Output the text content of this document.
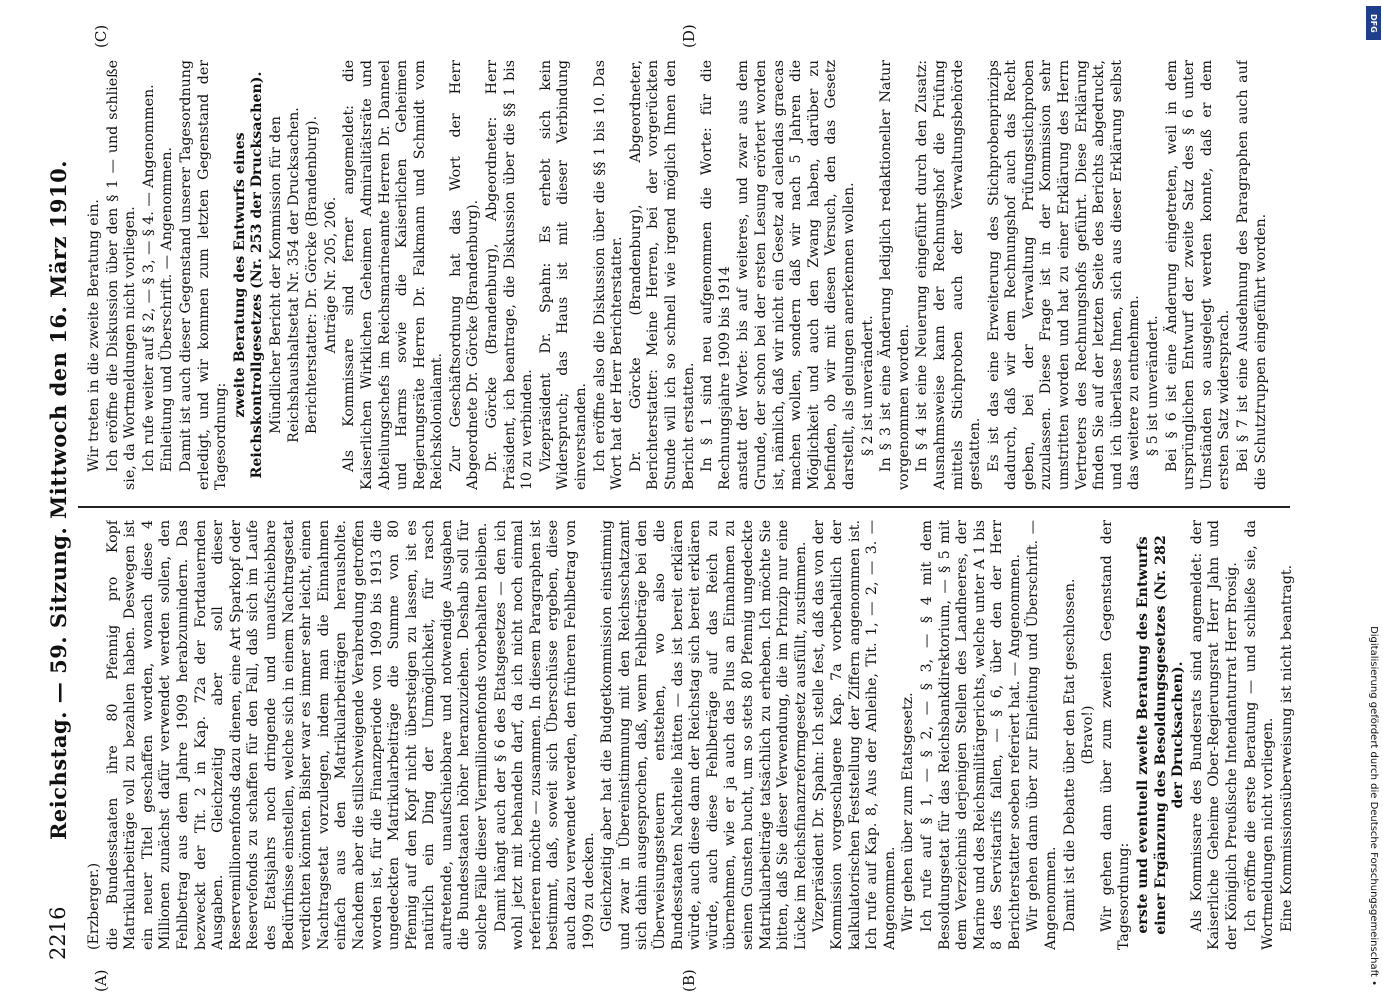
2216
Reichstag. — 59. Sitzung. Mittwoch den 16. März 1910.
(A)	(B)
(C)	(D)

(Erzberger.) die Bundesstaaten ihre 80 Pfennig pro Kopf Matrikularbeiträge voll zu bezahlen haben. Deswegen ist ein neuer Titel geschaffen worden, wonach diese 4 Millionen zunächst dafür verwendet werden sollen, den Fehlbetrag aus dem Jahre 1909 herabzumindern. Das bezweckt der Tit. 2 in Kap. 72a der Fortdauernden Ausgaben. Gleichzeitig aber soll dieser Reservemillionenfonds dazu dienen, eine Art Sparkopf oder Reservefonds zu schaffen für den Fall, daß sich im Laufe des Etatsjahrs noch dringende und unaufschiebbare Bedürfnisse einstellen, welche sich in einem Nachtragsetat verdichten könnten. Bisher war es immer sehr leicht, einen Nachtragsetat vorzulegen, indem man die Einnahmen einfach aus den Matrikularbeiträgen herausholte. Nachdem aber die stillschweigende Verabredung getroffen worden ist, für die Finanzperiode von 1909 bis 1913 die ungedeckten Matrikularbeiträge die Summe von 80 Pfennig auf den Kopf nicht übersteigen zu lassen, ist es natürlich ein Ding der Unmöglichkeit, für rasch auftretende, unaufschiebbare und notwendige Ausgaben die Bundesstaaten höher heranzuziehen. Deshalb soll für solche Fälle dieser Viermillionenfonds vorbehalten bleiben. Damit hängt auch der § 6 des Etatsgesetzes — den ich wohl jetzt mit behandeln darf, da ich nicht noch einmal referieren möchte — zusammen. In diesem Paragraphen ist bestimmt, daß, soweit sich Überschüsse ergeben, diese auch dazu verwendet werden, den früheren Fehlbetrag von 1909 zu decken. Gleichzeitig aber hat die Budgetkommission einstimmig und zwar in Übereinstimmung mit den Reichsschatzamt sich dahin ausgesprochen, daß, wenn Fehlbeträge bei den Überweisungssteuern entstehen, wo also die Bundesstaaten Nachteile hätten — das ist bereit erklären würde, auch diese dann der Reichstag sich bereit erklären würde, auch diese Fehlbeträge auf das Reich zu übernehmen, wie er ja auch das Plus an Einnahmen zu seinen Gunsten bucht, um so stets 80 Pfennig ungedeckte Matrikularbeiträge tatsächlich zu erheben. Ich möchte Sie bitten, daß Sie dieser Verwendung, die im Prinzip nur eine Lücke im Reichsfinanzreformgesetz ausfüllt, zustimmen. Vizepräsident Dr. Spahn: Ich stelle fest, daß das von der Kommission vorgeschlagene Kap. 7a vorbehaltlich der kalkulatorischen Feststellung der Ziffern angenommen ist. Ich rufe auf Kap. 8, Aus der Anleihe, Tit. 1, — 2, — 3. — Angenommen. Wir gehen über zum Etatsgesetz. Ich rufe auf § 1, — § 2, — § 3, — § 4 mit dem Besoldungsetat für das Reichsbankdirektorium, — § 5 mit dem Verzeichnis derjenigen Stellen des Landheeres, der Marine und des Reichsmilitärgerichts, welche unter A 1 bis 8 des Servistarifs fallen, — § 6, über den der Herr Berichterstatter soeben referiert hat. — Angenommen. Wir gehen dann über zur Einleitung und Überschrift. — Angenommen. Damit ist die Debatte über den Etat geschlossen. (Bravo!) Wir gehen dann über zum zweiten Gegenstand der Tagesordnung: erste und eventuell zweite Beratung des Entwurfs einer Ergänzung des Besoldungsgesetzes (Nr. 282 der Drucksachen). Als Kommissare des Bundesrats sind angemeldet: der Kaiserliche Geheime Ober-Regierungsrat Herr Jahn und der Königlich Preußische Intendanturrat Herr Brosig. Ich eröffne die erste Beratung — und schließe sie, da Wortmeldungen nicht vorliegen. Eine Kommissionsüberweisung ist nicht beantragt.

Wir treten in die zweite Beratung ein. Ich eröffne die Diskussion über den § 1 — und schließe sie, da Wortmeldungen nicht vorliegen. Ich rufe weiter auf § 2, — § 3, — § 4. — Angenommen. Einleitung und Überschrift. — Angenommen. Damit ist auch dieser Gegenstand unserer Tagesordnung erledigt, und wir kommen zum letzten Gegenstand der Tagesordnung:

zweite Beratung des Entwurfs eines Reichskontrollgesetzes (Nr. 253 der Drucksachen). Mündlicher Bericht der Kommission für den Reichshaushaltsetat Nr. 354 der Drucksachen. Berichterstatter: Dr. Görcke (Brandenburg). Anträge Nr. 205, 206. Als Kommissare sind ferner angemeldet: die Kaiserlichen Wirklichen Geheimen Admiralitätsräte und Abteilungschefs im Reichsmarineamte Herren Dr. Danneel und Harms sowie die Kaiserlichen Geheimen Regierungsräte Herren Dr. Falkmann und Schmidt vom Reichskolonialamt. Zur Geschäftsordnung hat das Wort der Herr Abgeordnete Dr. Görcke (Brandenburg). Dr. Görcke (Brandenburg), Abgeordneter: Herr Präsident, ich beantrage, die Diskussion über die §§ 1 bis 10 zu verbinden. Vizepräsident Dr. Spahn: Es erhebt sich kein Widerspruch; das Haus ist mit dieser Verbindung einverstanden. Ich eröffne also die Diskussion über die §§ 1 bis 10. Das Wort hat der Herr Berichterstatter. Dr. Görcke (Brandenburg), Abgeordneter, Berichterstatter: Meine Herren, bei der vorgerückten Stunde will ich so schnell wie irgend möglich Ihnen den Bericht erstatten. In § 1 sind neu aufgenommen die Worte: für die Rechnungsjahre 1909 bis 1914 anstatt der Worte: bis auf weiteres, und zwar aus dem Grunde, der schon bei der ersten Lesung erörtert worden ist, nämlich, daß wir nicht ein Gesetz ad calendas graecas machen wollen, sondern daß wir nach 5 Jahren die Möglichkeit und auch den Zwang haben, darüber zu befinden, ob wir mit diesen Versuch, den das Gesetz darstellt, als gelungen anerkennen wollen. § 2 ist unverändert. In § 3 ist eine Änderung lediglich redaktioneller Natur vorgenommen worden. In § 4 ist eine Neuerung eingeführt durch den Zusatz: Ausnahmsweise kann der Rechnungshof die Prüfung mittels Stichproben auch der Verwaltungsbehörde gestatten. Es ist das eine Erweiterung des Stichprobenprinzips dadurch, daß wir dem Rechnungshof auch das Recht geben, bei der Verwaltung Prüfungsstichproben zuzulassen. Diese Frage ist in der Kommission sehr umstritten worden und hat zu einer Erklärung des Herrn Vertreters des Rechnungshofs geführt. Diese Erklärung finden Sie auf der letzten Seite des Berichts abgedruckt, und ich überlasse Ihnen, sich aus dieser Erklärung selbst das weitere zu entnehmen. § 5 ist unverändert. Bei § 6 ist eine Änderung eingetreten, weil in dem ursprünglichen Entwurf der zweite Satz des § 6 unter Umständen so ausgelegt werden konnte, daß er dem ersten Satz widersprach. Bei § 7 ist eine Ausdehnung des Paragraphen auch auf die Schutztruppen eingeführt worden.

DFG
Digitalisierung gefördert durch die Deutsche Forschungsgemeinschaft •
